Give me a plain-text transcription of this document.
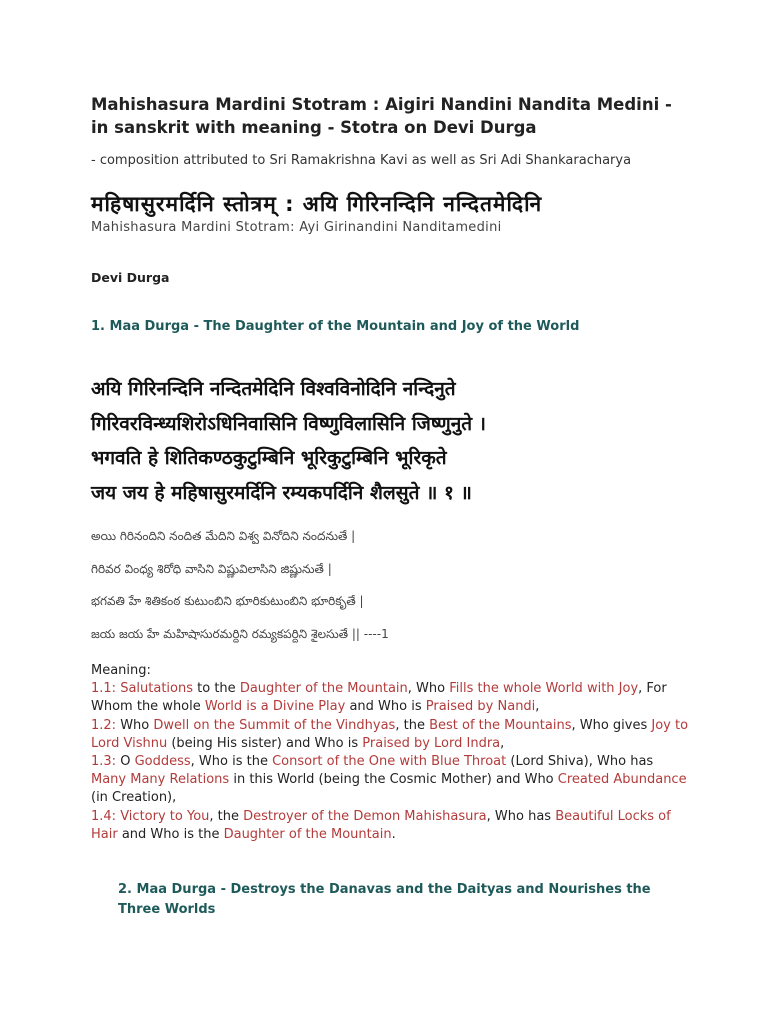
Mahishasura Mardini Stotram : Aigiri Nandini Nandita Medini - in sanskrit with meaning - Stotra on Devi Durga
- composition attributed to Sri Ramakrishna Kavi as well as Sri Adi Shankaracharya
महिषासुरमर्दिनि स्तोत्रम् : अयि गिरिनन्दिनि नन्दितमेदिनि
Mahishasura Mardini Stotram: Ayi Girinandini Nanditamedini
Devi Durga
1. Maa Durga - The Daughter of the Mountain and Joy of the World
अयि गिरिनन्दिनि नन्दितमेदिनि विश्वविनोदिनि नन्दिनुते
गिरिवरविन्ध्यशिरोऽधिनिवासिनि विष्णुविलासिनि जिष्णुनुते ।
भगवति हे शितिकण्ठकुटुम्बिनि भूरिकुटुम्बिनि भूरिकृते
जय जय हे महिषासुरमर्दिनि रम्यकपर्दिनि शैलसुते ॥ १ ॥
అయి గిరినందిని నందిత మేదిని విశ్వ వినోదిని నందనుతే |
గిరివర వింధ్య శిరోధి వాసిని విష్ణువిలాసిని జిష్ణునుతే |
భగవతి హే శితికంఠ కుటుంబిని భూరికుటుంబిని భూరికృతే |
జయ జయ హే మహిషాసురమర్దిని రమ్యకపర్దిని శైలసుతే || ----1
Meaning:
1.1: Salutations to the Daughter of the Mountain, Who Fills the whole World with Joy, For Whom the whole World is a Divine Play and Who is Praised by Nandi,
1.2: Who Dwell on the Summit of the Vindhyas, the Best of the Mountains, Who gives Joy to Lord Vishnu (being His sister) and Who is Praised by Lord Indra,
1.3: O Goddess, Who is the Consort of the One with Blue Throat (Lord Shiva), Who has Many Many Relations in this World (being the Cosmic Mother) and Who Created Abundance (in Creation),
1.4: Victory to You, the Destroyer of the Demon Mahishasura, Who has Beautiful Locks of Hair and Who is the Daughter of the Mountain.
2. Maa Durga - Destroys the Danavas and the Daityas and Nourishes the Three Worlds
